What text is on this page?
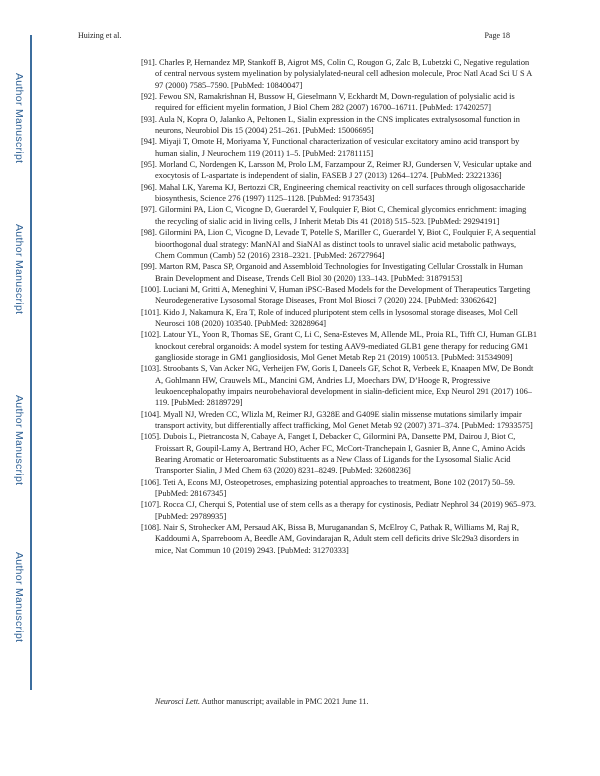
Author Manuscript
Author Manuscript
Author Manuscript
Author Manuscript
Huizing et al.	Page 18
[91]. Charles P, Hernandez MP, Stankoff B, Aigrot MS, Colin C, Rougon G, Zalc B, Lubetzki C, Negative regulation of central nervous system myelination by polysialylated-neural cell adhesion molecule, Proc Natl Acad Sci U S A 97 (2000) 7585–7590. [PubMed: 10840047]
[92]. Fewou SN, Ramakrishnan H, Bussow H, Gieselmann V, Eckhardt M, Down-regulation of polysialic acid is required for efficient myelin formation, J Biol Chem 282 (2007) 16700–16711. [PubMed: 17420257]
[93]. Aula N, Kopra O, Jalanko A, Peltonen L, Sialin expression in the CNS implicates extralysosomal function in neurons, Neurobiol Dis 15 (2004) 251–261. [PubMed: 15006695]
[94]. Miyaji T, Omote H, Moriyama Y, Functional characterization of vesicular excitatory amino acid transport by human sialin, J Neurochem 119 (2011) 1–5. [PubMed: 21781115]
[95]. Morland C, Nordengen K, Larsson M, Prolo LM, Farzampour Z, Reimer RJ, Gundersen V, Vesicular uptake and exocytosis of L-aspartate is independent of sialin, FASEB J 27 (2013) 1264–1274. [PubMed: 23221336]
[96]. Mahal LK, Yarema KJ, Bertozzi CR, Engineering chemical reactivity on cell surfaces through oligosaccharide biosynthesis, Science 276 (1997) 1125–1128. [PubMed: 9173543]
[97]. Gilormini PA, Lion C, Vicogne D, Guerardel Y, Foulquier F, Biot C, Chemical glycomics enrichment: imaging the recycling of sialic acid in living cells, J Inherit Metab Dis 41 (2018) 515–523. [PubMed: 29294191]
[98]. Gilormini PA, Lion C, Vicogne D, Levade T, Potelle S, Mariller C, Guerardel Y, Biot C, Foulquier F, A sequential bioorthogonal dual strategy: ManNAl and SiaNAl as distinct tools to unravel sialic acid metabolic pathways, Chem Commun (Camb) 52 (2016) 2318–2321. [PubMed: 26727964]
[99]. Marton RM, Pasca SP, Organoid and Assembloid Technologies for Investigating Cellular Crosstalk in Human Brain Development and Disease, Trends Cell Biol 30 (2020) 133–143. [PubMed: 31879153]
[100]. Luciani M, Gritti A, Meneghini V, Human iPSC-Based Models for the Development of Therapeutics Targeting Neurodegenerative Lysosomal Storage Diseases, Front Mol Biosci 7 (2020) 224. [PubMed: 33062642]
[101]. Kido J, Nakamura K, Era T, Role of induced pluripotent stem cells in lysosomal storage diseases, Mol Cell Neurosci 108 (2020) 103540. [PubMed: 32828964]
[102]. Latour YL, Yoon R, Thomas SE, Grant C, Li C, Sena-Esteves M, Allende ML, Proia RL, Tifft CJ, Human GLB1 knockout cerebral organoids: A model system for testing AAV9-mediated GLB1 gene therapy for reducing GM1 ganglioside storage in GM1 gangliosidosis, Mol Genet Metab Rep 21 (2019) 100513. [PubMed: 31534909]
[103]. Stroobants S, Van Acker NG, Verheijen FW, Goris I, Daneels GF, Schot R, Verbeek E, Knaapen MW, De Bondt A, Gohlmann HW, Crauwels ML, Mancini GM, Andries LJ, Moechars DW, D’Hooge R, Progressive leukoencephalopathy impairs neurobehavioral development in sialin-deficient mice, Exp Neurol 291 (2017) 106–119. [PubMed: 28189729]
[104]. Myall NJ, Wreden CC, Wlizla M, Reimer RJ, G328E and G409E sialin missense mutations similarly impair transport activity, but differentially affect trafficking, Mol Genet Metab 92 (2007) 371–374. [PubMed: 17933575]
[105]. Dubois L, Pietrancosta N, Cabaye A, Fanget I, Debacker C, Gilormini PA, Dansette PM, Dairou J, Biot C, Froissart R, Goupil-Lamy A, Bertrand HO, Acher FC, McCort-Tranchepain I, Gasnier B, Anne C, Amino Acids Bearing Aromatic or Heteroaromatic Substituents as a New Class of Ligands for the Lysosomal Sialic Acid Transporter Sialin, J Med Chem 63 (2020) 8231–8249. [PubMed: 32608236]
[106]. Teti A, Econs MJ, Osteopetroses, emphasizing potential approaches to treatment, Bone 102 (2017) 50–59. [PubMed: 28167345]
[107]. Rocca CJ, Cherqui S, Potential use of stem cells as a therapy for cystinosis, Pediatr Nephrol 34 (2019) 965–973. [PubMed: 29789935]
[108]. Nair S, Strohecker AM, Persaud AK, Bissa B, Muruganandan S, McElroy C, Pathak R, Williams M, Raj R, Kaddoumi A, Sparreboom A, Beedle AM, Govindarajan R, Adult stem cell deficits drive Slc29a3 disorders in mice, Nat Commun 10 (2019) 2943. [PubMed: 31270333]
Neurosci Lett. Author manuscript; available in PMC 2021 June 11.
